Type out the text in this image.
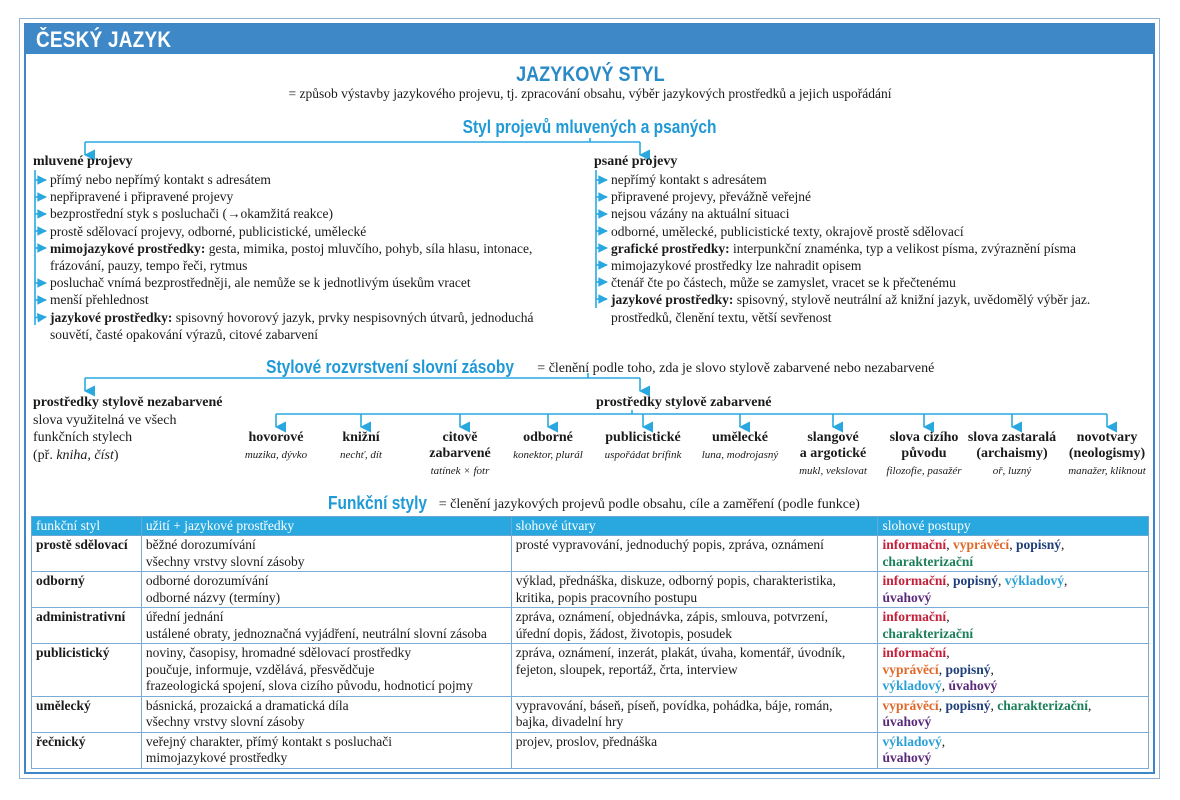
ČESKÝ JAZYK
JAZYKOVÝ STYL
= způsob výstavby jazykového projevu, tj. zpracování obsahu, výběr jazykových prostředků a jejich uspořádání
Styl projevů mluvených a psaných
mluvené projevy
přímý nebo nepřímý kontakt s adresátem
nepřipravené i připravené projevy
bezprostřední styk s posluchači (→okamžitá reakce)
prostě sdělovací projevy, odborné, publicistické, umělecké
mimojazykové prostředky: gesta, mimika, postoj mluvčího, pohyb, síla hlasu, intonace,
frázování, pauzy, tempo řeči, rytmus
posluchač vnímá bezprostředněji, ale nemůže se k jednotlivým úsekům vracet
menší přehlednost
jazykové prostředky: spisovný hovorový jazyk, prvky nespisovných útvarů, jednoduchá
souvětí, časté opakování výrazů, citové zabarvení
psané projevy
nepřímý kontakt s adresátem
připravené projevy, převážně veřejné
nejsou vázány na aktuální situaci
odborné, umělecké, publicistické texty, okrajově prostě sdělovací
grafické prostředky: interpunkční znaménka, typ a velikost písma, zvýraznění písma
mimojazykové prostředky lze nahradit opisem
čtenář čte po částech, může se zamyslet, vracet se k přečtenému
jazykové prostředky: spisovný, stylově neutrální až knižní jazyk, uvědomělý výběr jaz.
prostředků, členění textu, větší sevřenost
Stylové rozvrstvení slovní zásoby = členění podle toho, zda je slovo stylově zabarvené nebo nezabarvené
prostředky stylově nezabarvené
slova využitelná ve všech
funkčních stylech
(př. kniha, číst)
prostředky stylově zabarvené
hovorové
muzika, dývko
knižní
nechť, dít
citově
zabarvené
tatínek × fotr
odborné
konektor, plurál
publicistické
uspořádat brífink
umělecké
luna, modrojasný
slangové
a argotické
mukl, vekslovat
slova cizího
původu
filozofie, pasažér
slova zastaralá
(archaismy)
oř, luzný
novotvary
(neologismy)
manažer, kliknout
Funkční styly = členění jazykových projevů podle obsahu, cíle a zaměření (podle funkce)
funkční styl	užití + jazykové prostředky	slohové útvary	slohové postupy
prostě sdělovací	běžné dorozumívání
všechny vrstvy slovní zásoby	prosté vypravování, jednoduchý popis, zpráva, oznámení	informační, vyprávěcí, popisný,
charakterizační

odborný	odborné dorozumívání
odborné názvy (termíny)	výklad, přednáška, diskuze, odborný popis, charakteristika,
kritika, popis pracovního postupu	informační, popisný, výkladový,
úvahový

administrativní	úřední jednání
ustálené obraty, jednoznačná vyjádření, neutrální slovní zásoba	zpráva, oznámení, objednávka, zápis, smlouva, potvrzení,
úřední dopis, žádost, životopis, posudek	informační,
charakterizační

publicistický	noviny, časopisy, hromadné sdělovací prostředky
poučuje, informuje, vzdělává, přesvědčuje
frazeologická spojení, slova cizího původu, hodnoticí pojmy	zpráva, oznámení, inzerát, plakát, úvaha, komentář, úvodník,
fejeton, sloupek, reportáž, črta, interview	informační,
vyprávěcí, popisný,
výkladový, úvahový

umělecký	básnická, prozaická a dramatická díla
všechny vrstvy slovní zásoby	vypravování, báseň, píseň, povídka, pohádka, báje, román,
bajka, divadelní hry	vyprávěcí, popisný, charakterizační,
úvahový

řečnický	veřejný charakter, přímý kontakt s posluchači
mimojazykové prostředky	projev, proslov, přednáška	výkladový,
úvahový
